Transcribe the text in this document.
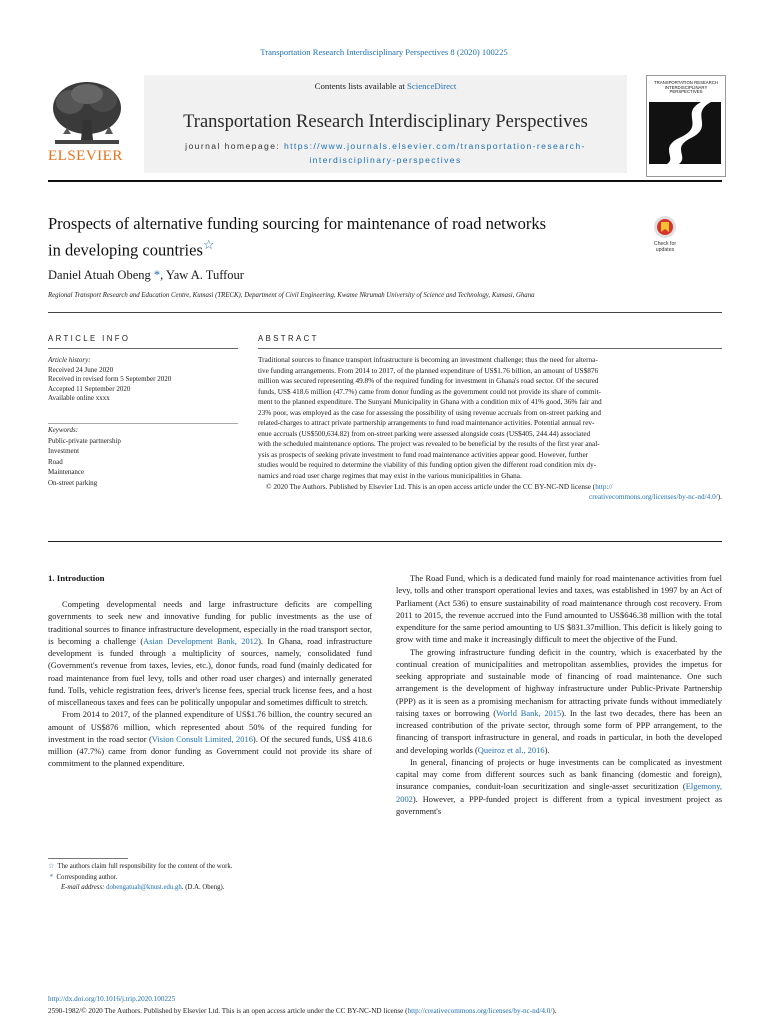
Transportation Research Interdisciplinary Perspectives 8 (2020) 100225
Contents lists available at ScienceDirect
Transportation Research Interdisciplinary Perspectives
journal homepage: https://www.journals.elsevier.com/transportation-research-
interdisciplinary-perspectives
ELSEVIER
TRANSPORTATION RESEARCH INTERDISCIPLINARY PERSPECTIVES
Prospects of alternative funding sourcing for maintenance of road networks
in developing countries☆	Check for
updates
Daniel Atuah Obeng *, Yaw A. Tuffour
Regional Transport Research and Education Centre, Kumasi (TRECK), Department of Civil Engineering, Kwame Nkrumah University of Science and Technology, Kumasi, Ghana
ARTICLE INFO	ABSTRACT
Article history:
Received 24 June 2020
Received in revised form 5 September 2020
Accepted 11 September 2020
Available online xxxx
Keywords:
Public-private partnership
Investment
Road
Maintenance
On-street parking
Traditional sources to finance transport infrastructure is becoming an investment challenge; thus the need for alterna-
tive funding arrangements. From 2014 to 2017, of the planned expenditure of US$1.76 billion, an amount of US$876
million was secured representing 49.8% of the required funding for investment in Ghana's road sector. Of the secured
funds, US$ 418.6 million (47.7%) came from donor funding as the government could not provide its share of commit-
ment to the planned expenditure. The Sunyani Municipality in Ghana with a condition mix of 41% good, 36% fair and
23% poor, was employed as the case for assessing the possibility of using revenue accruals from on-street parking and
related-charges to attract private partnership arrangements to fund road maintenance activities. Potential annual rev-
enue accruals (US$500,634.82) from on-street parking were assessed alongside costs (US$405, 244.44) associated
with the scheduled maintenance options. The project was revealed to be beneficial by the results of the first year anal-
ysis as prospects of seeking private investment to fund road maintenance activities appear good. However, further
studies would be required to determine the viability of this funding option given the different road condition mix dy-
namics and road user charge regimes that may exist in the various municipalities in Ghana.
© 2020 The Authors. Published by Elsevier Ltd. This is an open access article under the CC BY-NC-ND license (http://
creativecommons.org/licenses/by-nc-nd/4.0/).
1. Introduction

Competing developmental needs and large infrastructure deficits are compelling governments to seek new and innovative funding for public investments as the use of traditional sources to finance infrastructure development, especially in the road transport sector, is becoming a challenge (Asian Development Bank, 2012). In Ghana, road infrastructure development is funded through a multiplicity of sources, namely, consolidated fund (Government's revenue from taxes, levies, etc.), donor funds, road fund (mainly dedicated for road maintenance from fuel levy, tolls and other road user charges) and internally generated fund. Tolls, vehicle registration fees, driver's license fees, special truck license fees, and a host of miscellaneous taxes and fees can be politically unpopular and sometimes difficult to stretch.

From 2014 to 2017, of the planned expenditure of US$1.76 billion, the country secured an amount of US$876 million, which represented about 50% of the required funding for investment in the road sector (Vision Consult Limited, 2016). Of the secured funds, US$ 418.6 million (47.7%) came from donor funding as Government could not provide its share of commitment to the planned expenditure.

The Road Fund, which is a dedicated fund mainly for road maintenance activities from fuel levy, tolls and other transport operational levies and taxes, was established in 1997 by an Act of Parliament (Act 536) to ensure sustainability of road maintenance through cost recovery. From 2011 to 2015, the revenue accrued into the Fund amounted to US$646.38 million with the total expenditure for the same period amounting to US $831.37million. This deficit is likely going to grow with time and make it increasingly difficult to meet the objective of the Fund.

The growing infrastructure funding deficit in the country, which is exacerbated by the continual creation of municipalities and metropolitan assemblies, provides the impetus for seeking appropriate and sustainable mode of financing of road maintenance. One such arrangement is the development of highway infrastructure under Public-Private Partnership (PPP) as it is seen as a promising mechanism for attracting private funds without immediately raising taxes or borrowing (World Bank, 2015). In the last two decades, there has been an increased contribution of the private sector, through some form of PPP arrangement, to the financing of transport infrastructure in general, and roads in particular, in both the developed and developing worlds (Queiroz et al., 2016).

In general, financing of projects or huge investments can be complicated as investment capital may come from different sources such as bank financing (domestic and foreign), insurance companies, conduit-loan securitization and single-asset securitization (Elgemony, 2002). However, a PPP-funded project is different from a typical investment project as government's

☆ The authors claim full responsibility for the content of the work.
* Corresponding author.
E-mail address: dobengatuah@knust.edu.gh. (D.A. Obeng).
http://dx.doi.org/10.1016/j.trip.2020.100225
2590-1982/© 2020 The Authors. Published by Elsevier Ltd. This is an open access article under the CC BY-NC-ND license (http://creativecommons.org/licenses/by-nc-nd/4.0/).
